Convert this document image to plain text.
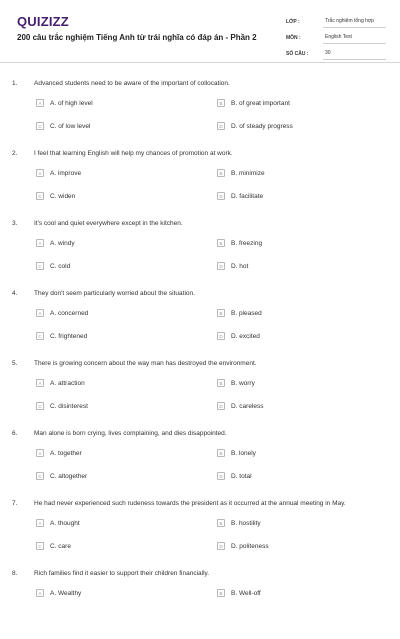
QUIZIZZ
200 câu trắc nghiệm Tiếng Anh từ trái nghĩa có đáp án - Phần 2
LỚP :	Trắc nghiệm tổng hợp
MÔN :	English Test
SỐ CÂU :	30
1.	Advanced students need to be aware of the important of collocation.
A	A. of high level	B	B. of great important
C	C. of low level	D	D. of steady progress
2.	I feel that learning English will help my chances of promotion at work.
A	A. improve	B	B. minimize
C	C. widen	D	D. facilitate
3.	It's cool and quiet everywhere except in the kitchen.
A	A. windy	B	B. freezing
C	C. cold	D	D. hot
4.	They don't seem particularly worried about the situation.
A	A. concerned	B	B. pleased
C	C. frightened	D	D. excited
5.	There is growing concern about the way man has destroyed the environment.
A	A. attraction	B	B. worry
C	C. disinterest	D	D. careless
6.	Man alone is born crying, lives complaining, and dies disappointed.
A	A. together	B	B. lonely
C	C. altogether	D	D. total
7.	He had never experienced such rudeness towards the president as it occurred at the annual meeting in May.
A	A. thought	B	B. hostility
C	C. care	D	D. politeness
8.	Rich families find it easier to support their children financially.
A	A. Wealthy	B	B. Well-off
